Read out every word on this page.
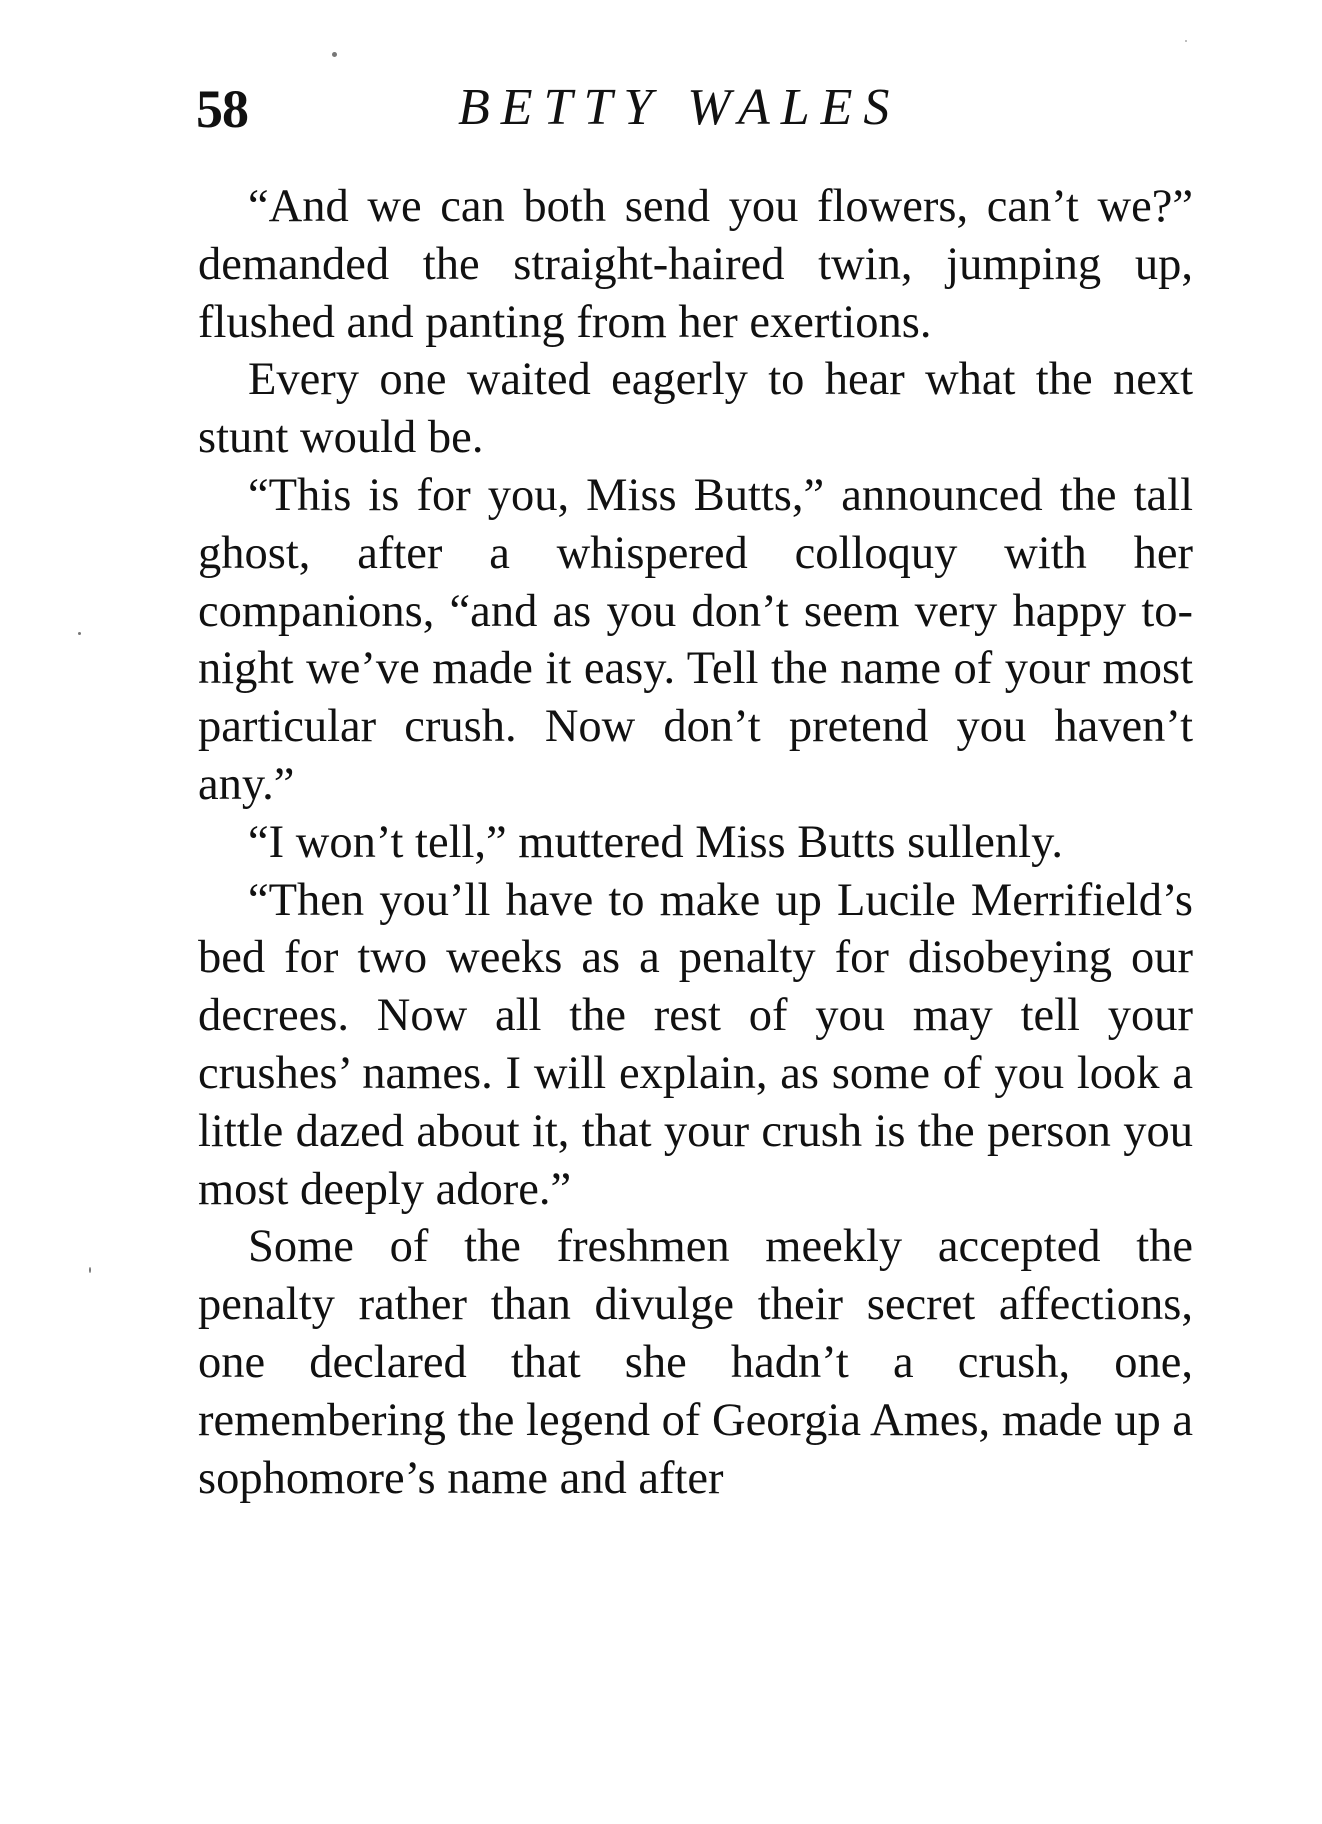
58	BETTY WALES

“And we can both send you flowers, can’t we?” demanded the straight-haired twin, jumping up, flushed and panting from her exertions.

Every one waited eagerly to hear what the next stunt would be.

“This is for you, Miss Butts,” announced the tall ghost, after a whispered colloquy with her companions, “and as you don’t seem very happy to-night we’ve made it easy. Tell the name of your most particular crush. Now don’t pretend you haven’t any.”

“I won’t tell,” muttered Miss Butts sullenly.

“Then you’ll have to make up Lucile Merrifield’s bed for two weeks as a penalty for disobeying our decrees. Now all the rest of you may tell your crushes’ names. I will explain, as some of you look a little dazed about it, that your crush is the person you most deeply adore.”

Some of the freshmen meekly accepted the penalty rather than divulge their secret affections, one declared that she hadn’t a crush, one, remembering the legend of Georgia Ames, made up a sophomore’s name and after
